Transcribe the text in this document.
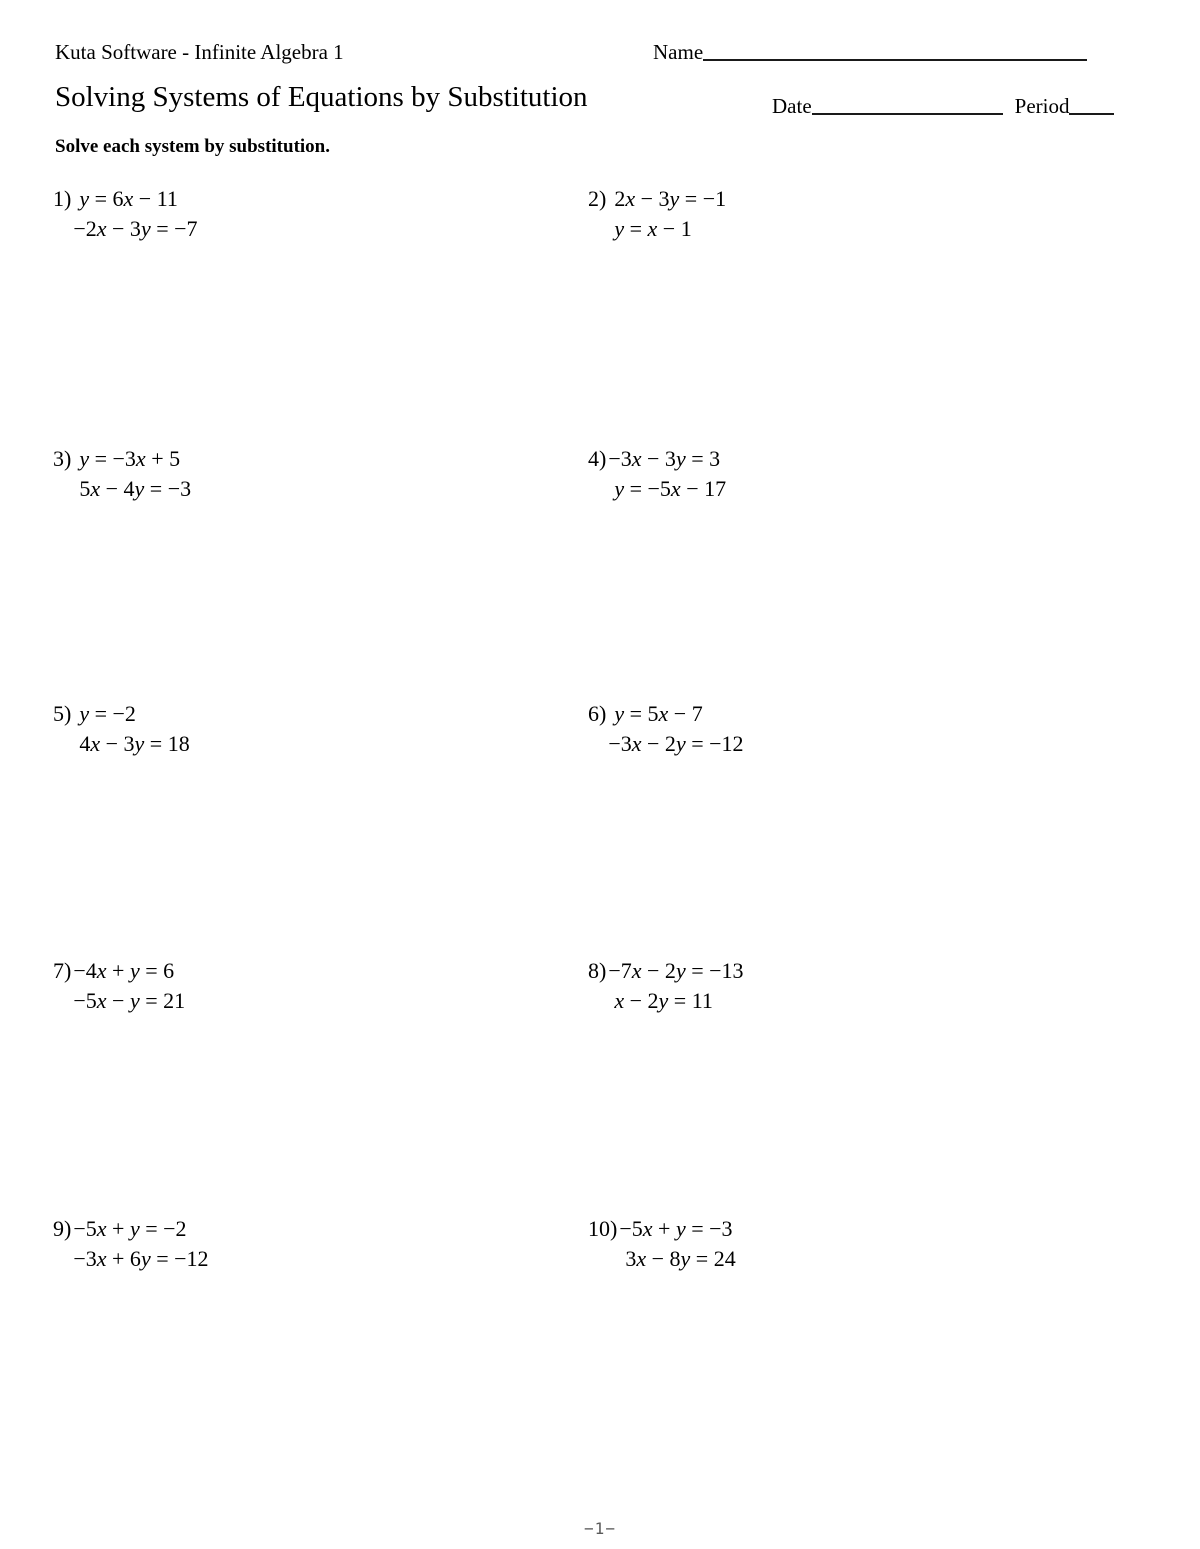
Kuta Software - Infinite Algebra 1	Name
Solving Systems of Equations by Substitution	Date	Period
Solve each system by substitution.
1) y = 6x − 11
−2x − 3y = −7
2) 2x − 3y = −1
y = x − 1
3) y = −3x + 5
5x − 4y = −3
4) −3x − 3y = 3
y = −5x − 17
5) y = −2
4x − 3y = 18
6) y = 5x − 7
−3x − 2y = −12
7) −4x + y = 6
−5x − y = 21
8) −7x − 2y = −13
x − 2y = 11
9) −5x + y = −2
−3x + 6y = −12
10) −5x + y = −3
3x − 8y = 24
−1−
